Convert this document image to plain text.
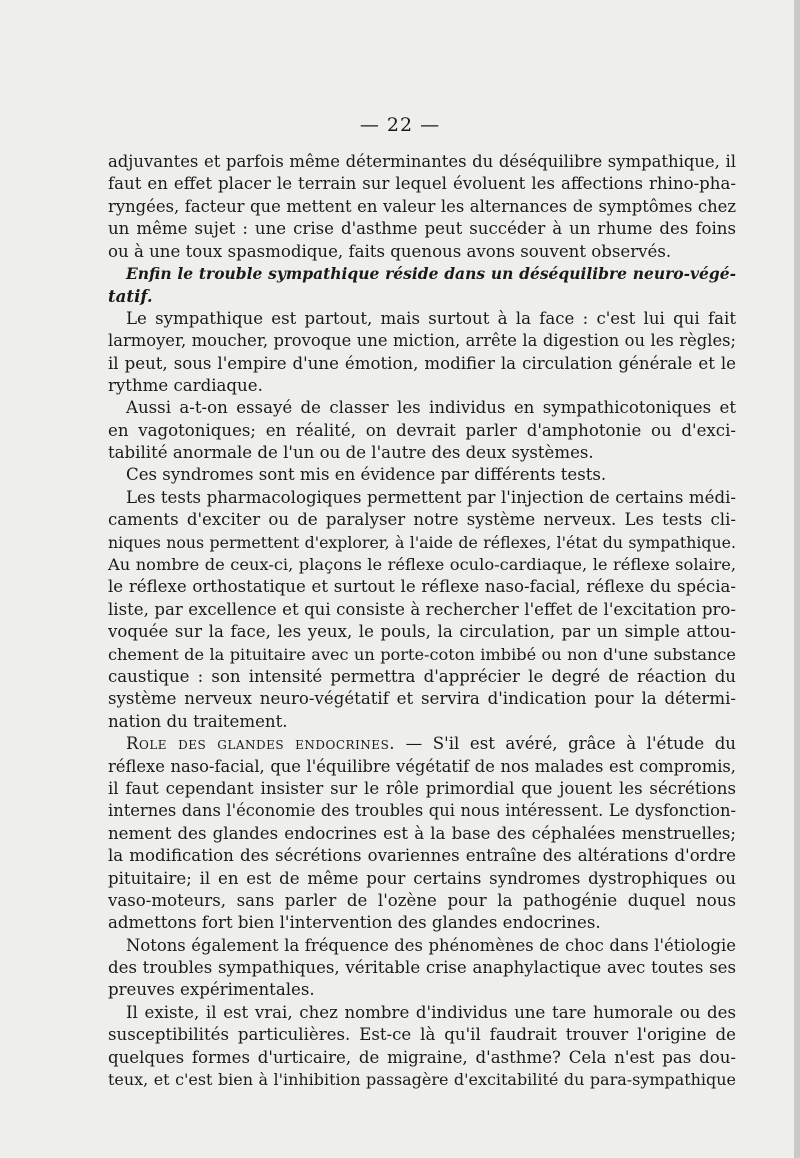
— 22 —
adjuvantes et parfois même déterminantes du déséquilibre sympathique, il
faut en effet placer le terrain sur lequel évoluent les affections rhino-pha-
ryngées, facteur que mettent en valeur les alternances de symptômes chez
un même sujet : une crise d'asthme peut succéder à un rhume des foins
ou à une toux spasmodique, faits quenous avons souvent observés.
Enfin le trouble sympathique réside dans un déséquilibre neuro-végé-
tatif.
Le sympathique est partout, mais surtout à la face : c'est lui qui fait
larmoyer, moucher, provoque une miction, arrête la digestion ou les règles;
il peut, sous l'empire d'une émotion, modifier la circulation générale et le
rythme cardiaque.
Aussi a-t-on essayé de classer les individus en sympathicotoniques et
en vagotoniques; en réalité, on devrait parler d'amphotonie ou d'exci-
tabilité anormale de l'un ou de l'autre des deux systèmes.
Ces syndromes sont mis en évidence par différents tests.
Les tests pharmacologiques permettent par l'injection de certains médi-
caments d'exciter ou de paralyser notre système nerveux. Les tests cli-
niques nous permettent d'explorer, à l'aide de réflexes, l'état du sympathique.
Au nombre de ceux-ci, plaçons le réflexe oculo-cardiaque, le réflexe solaire,
le réflexe orthostatique et surtout le réflexe naso-facial, réflexe du spécia-
liste, par excellence et qui consiste à rechercher l'effet de l'excitation pro-
voquée sur la face, les yeux, le pouls, la circulation, par un simple attou-
chement de la pituitaire avec un porte-coton imbibé ou non d'une substance
caustique : son intensité permettra d'apprécier le degré de réaction du
système nerveux neuro-végétatif et servira d'indication pour la détermi-
nation du traitement.
Role des glandes endocrines. — S'il est avéré, grâce à l'étude du
réflexe naso-facial, que l'équilibre végétatif de nos malades est compromis,
il faut cependant insister sur le rôle primordial que jouent les sécrétions
internes dans l'économie des troubles qui nous intéressent. Le dysfonction-
nement des glandes endocrines est à la base des céphalées menstruelles;
la modification des sécrétions ovariennes entraîne des altérations d'ordre
pituitaire; il en est de même pour certains syndromes dystrophiques ou
vaso-moteurs, sans parler de l'ozène pour la pathogénie duquel nous
admettons fort bien l'intervention des glandes endocrines.
Notons également la fréquence des phénomènes de choc dans l'étiologie
des troubles sympathiques, véritable crise anaphylactique avec toutes ses
preuves expérimentales.
Il existe, il est vrai, chez nombre d'individus une tare humorale ou des
susceptibilités particulières. Est-ce là qu'il faudrait trouver l'origine de
quelques formes d'urticaire, de migraine, d'asthme? Cela n'est pas dou-
teux, et c'est bien à l'inhibition passagère d'excitabilité du para-sympathique
